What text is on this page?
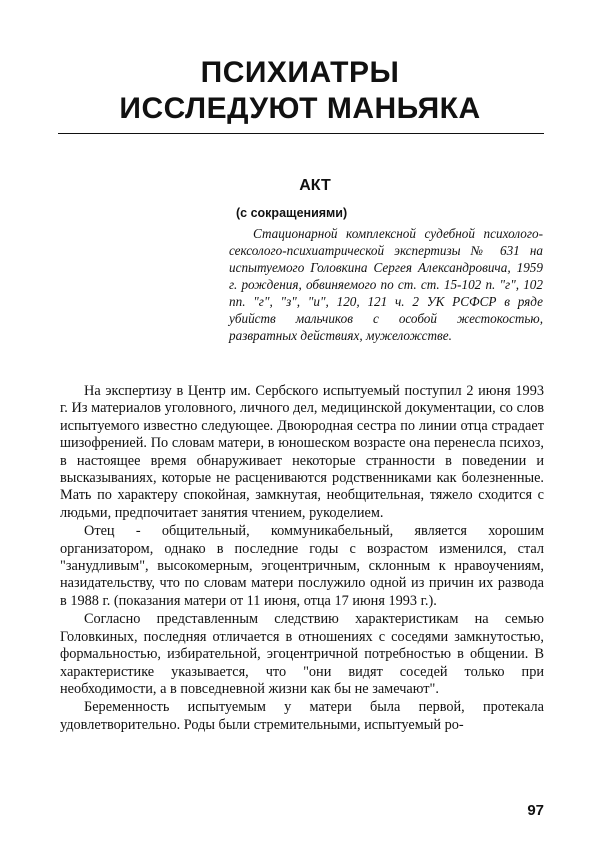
ПСИХИАТРЫ
ИССЛЕДУЮТ МАНЬЯКА
АКТ
(с сокращениями)

Стационарной комплексной судебной психолого-сексолого-психиатрической экспертизы № 631 на испытуемого Головкина Сергея Александровича, 1959 г. рождения, обвиняемого по ст. ст. 15-102 п. "г", 102 пп. "г", "з", "и", 120, 121 ч. 2 УК РСФСР в ряде убийств мальчиков с особой жестокостью, развратных действиях, мужеложстве.

На экспертизу в Центр им. Сербского испытуемый поступил 2 июня 1993 г. Из материалов уголовного, личного дел, медицинской документации, со слов испытуемого известно следующее. Двоюродная сестра по линии отца страдает шизофренией. По словам матери, в юношеском возрасте она перенесла психоз, в настоящее время обнаруживает некоторые странности в поведении и высказываниях, которые не расцениваются родственниками как болезненные. Мать по характеру спокойная, замкнутая, необщительная, тяжело сходится с людьми, предпочитает занятия чтением, рукоделием.

Отец - общительный, коммуникабельный, является хорошим организатором, однако в последние годы с возрастом изменился, стал "занудливым", высокомерным, эгоцентричным, склонным к нравоучениям, назидательству, что по словам матери послужило одной из причин их развода в 1988 г. (показания матери от 11 июня, отца 17 июня 1993 г.).

Согласно представленным следствию характеристикам на семью Головкиных, последняя отличается в отношениях с соседями замкнутостью, формальностью, избирательной, эгоцентричной потребностью в общении. В характеристике указывается, что "они видят соседей только при необходимости, а в повседневной жизни как бы не замечают".

Беременность испытуемым у матери была первой, протекала удовлетворительно. Роды были стремительными, испытуемый ро-

97
